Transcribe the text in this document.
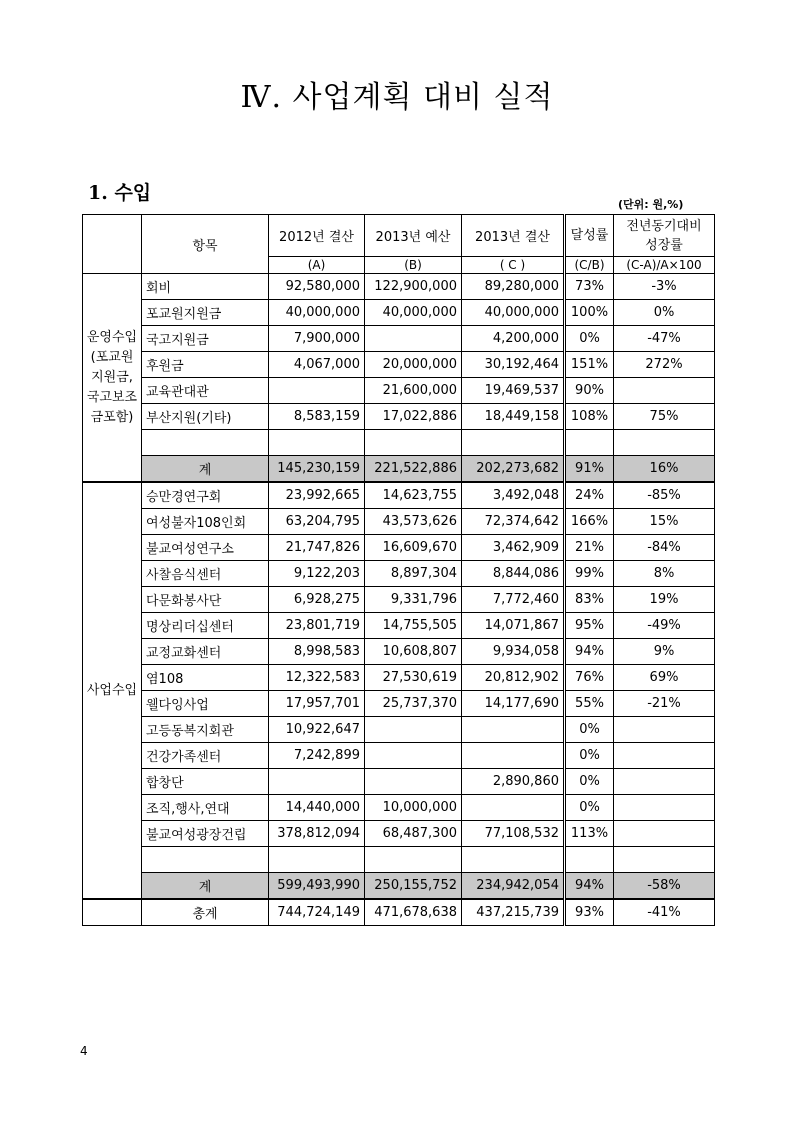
Ⅳ. 사업계획 대비 실적
1. 수입
(단위: 원,%)
	항목	2012년 결산	2013년 예산	2013년 결산	달성률	전년동기대비 성장률
		(A)	(B)	( C )	(C/B)	(C-A)/A×100
운영수입(포교원지원금,국고보조금포함)	회비	92,580,000	122,900,000	89,280,000	73%	-3%
	포교원지원금	40,000,000	40,000,000	40,000,000	100%	0%
	국고지원금	7,900,000		4,200,000	0%	-47%
	후원금	4,067,000	20,000,000	30,192,464	151%	272%
	교육관대관		21,600,000	19,469,537	90%	
	부산지원(기타)	8,583,159	17,022,886	18,449,158	108%	75%

	계	145,230,159	221,522,886	202,273,682	91%	16%
사업수입	승만경연구회	23,992,665	14,623,755	3,492,048	24%	-85%
	여성불자108인회	63,204,795	43,573,626	72,374,642	166%	15%
	불교여성연구소	21,747,826	16,609,670	3,462,909	21%	-84%
	사찰음식센터	9,122,203	8,897,304	8,844,086	99%	8%
	다문화봉사단	6,928,275	9,331,796	7,772,460	83%	19%
	명상리더십센터	23,801,719	14,755,505	14,071,867	95%	-49%
	교정교화센터	8,998,583	10,608,807	9,934,058	94%	9%
	염108	12,322,583	27,530,619	20,812,902	76%	69%
	웰다잉사업	17,957,701	25,737,370	14,177,690	55%	-21%
	고등동복지회관	10,922,647			0%	
	건강가족센터	7,242,899			0%	
	합창단			2,890,860	0%	
	조직,행사,연대	14,440,000	10,000,000		0%	
	불교여성광장건립	378,812,094	68,487,300	77,108,532	113%	

	계	599,493,990	250,155,752	234,942,054	94%	-58%
	총계	744,724,149	471,678,638	437,215,739	93%	-41%
4
